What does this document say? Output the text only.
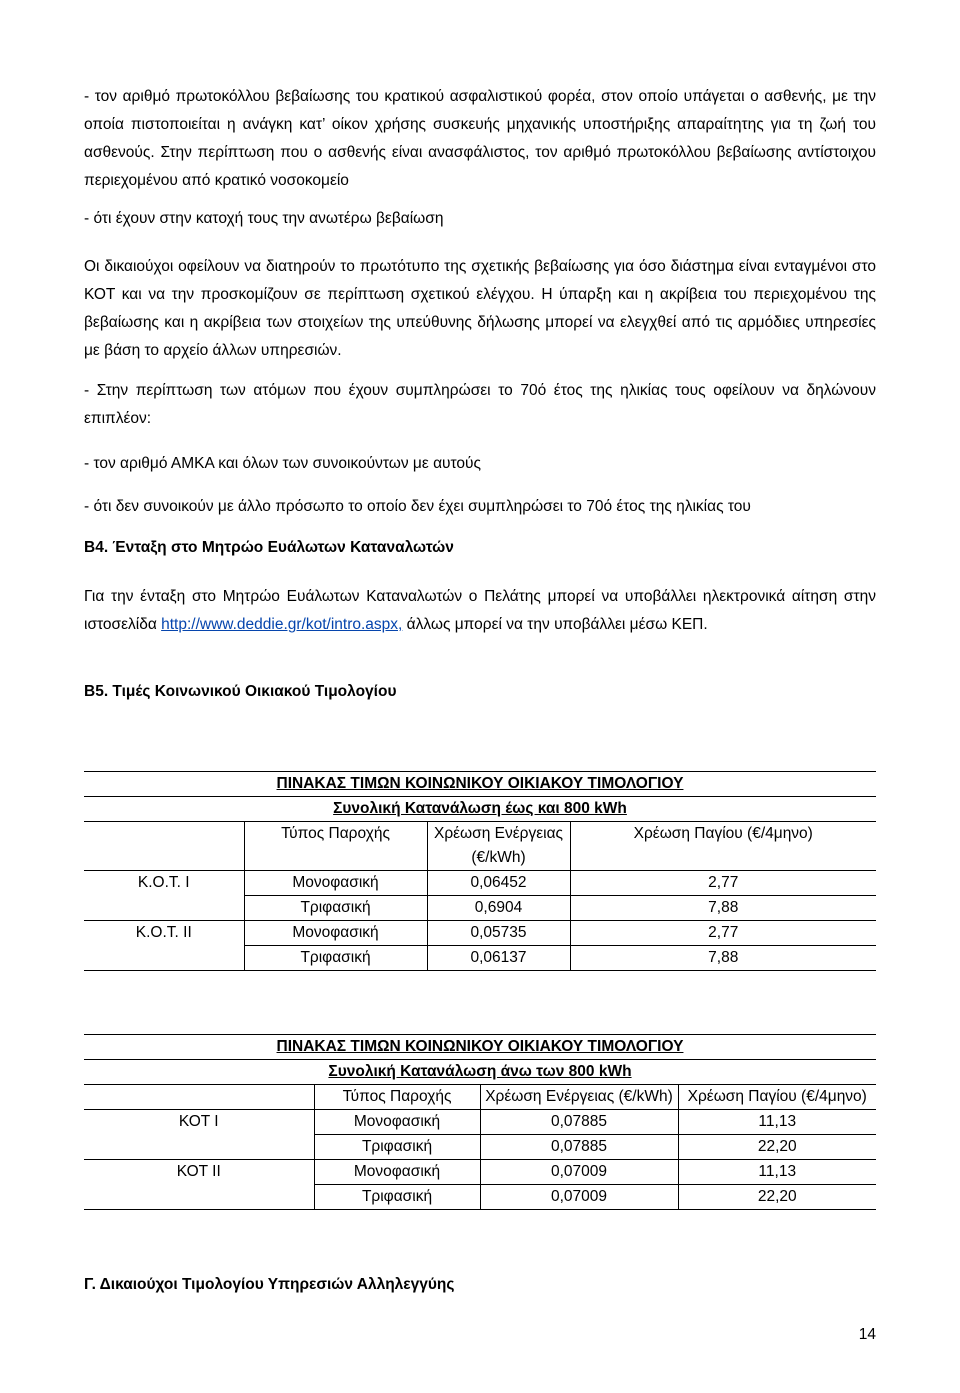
- τον αριθμό πρωτοκόλλου βεβαίωσης του κρατικού ασφαλιστικού φορέα, στον οποίο υπάγεται ο ασθενής, με την οποία πιστοποιείται η ανάγκη κατ’ οίκον χρήσης συσκευής μηχανικής υποστήριξης απαραίτητης για τη ζωή του ασθενούς. Στην περίπτωση που ο ασθενής είναι ανασφάλιστος, τον αριθμό πρωτοκόλλου βεβαίωσης αντίστοιχου περιεχομένου από κρατικό νοσοκομείο

- ότι έχουν στην κατοχή τους την ανωτέρω βεβαίωση

Οι δικαιούχοι οφείλουν να διατηρούν το πρωτότυπο της σχετικής βεβαίωσης για όσο διάστημα είναι ενταγμένοι στο ΚΟΤ και να την προσκομίζουν σε περίπτωση σχετικού ελέγχου. Η ύπαρξη και η ακρίβεια του περιεχομένου της βεβαίωσης και η ακρίβεια των στοιχείων της υπεύθυνης δήλωσης μπορεί να ελεγχθεί από τις αρμόδιες υπηρεσίες με βάση το αρχείο άλλων υπηρεσιών.

- Στην περίπτωση των ατόμων που έχουν συμπληρώσει το 70ό έτος της ηλικίας τους οφείλουν να δηλώνουν επιπλέον:

- τον αριθμό ΑΜΚΑ και όλων των συνοικούντων με αυτούς

- ότι δεν συνοικούν με άλλο πρόσωπο το οποίο δεν έχει συμπληρώσει το 70ό έτος της ηλικίας του

Β4. Ένταξη στο Μητρώο Ευάλωτων Καταναλωτών

Για την ένταξη στο Μητρώο Ευάλωτων Καταναλωτών ο Πελάτης μπορεί να υποβάλλει ηλεκτρονικά αίτηση στην ιστοσελίδα http://www.deddie.gr/kot/intro.aspx, άλλως μπορεί να την υποβάλλει μέσω ΚΕΠ.

Β5. Τιμές Κοινωνικού Οικιακού Τιμολογίου
ΠΙΝΑΚΑΣ ΤΙΜΩΝ ΚΟΙΝΩΝΙΚΟΥ ΟΙΚΙΑΚΟΥ ΤΙΜΟΛΟΓΙΟΥ			
Συνολική Κατανάλωση έως και 800 kWh			
	Τύπος Παροχής	Χρέωση Ενέργειας (€/kWh)	Χρέωση Παγίου (€/4μηνο)
Κ.Ο.Τ. Ι	Μονοφασική	0,06452	2,77
	Τριφασική	0,6904	7,88
Κ.Ο.Τ. ΙΙ	Μονοφασική	0,05735	2,77
	Τριφασική	0,06137	7,88
ΠΙΝΑΚΑΣ ΤΙΜΩΝ ΚΟΙΝΩΝΙΚΟΥ ΟΙΚΙΑΚΟΥ ΤΙΜΟΛΟΓΙΟΥ			
Συνολική Κατανάλωση άνω των 800 kWh			
	Τύπος Παροχής	Χρέωση Ενέργειας (€/kWh)	Χρέωση Παγίου (€/4μηνο)
ΚΟΤ Ι	Μονοφασική	0,07885	11,13
	Τριφασική	0,07885	22,20
ΚΟΤ ΙΙ	Μονοφασική	0,07009	11,13
	Τριφασική	0,07009	22,20
Γ. Δικαιούχοι Τιμολογίου Υπηρεσιών Αλληλεγγύης
14
